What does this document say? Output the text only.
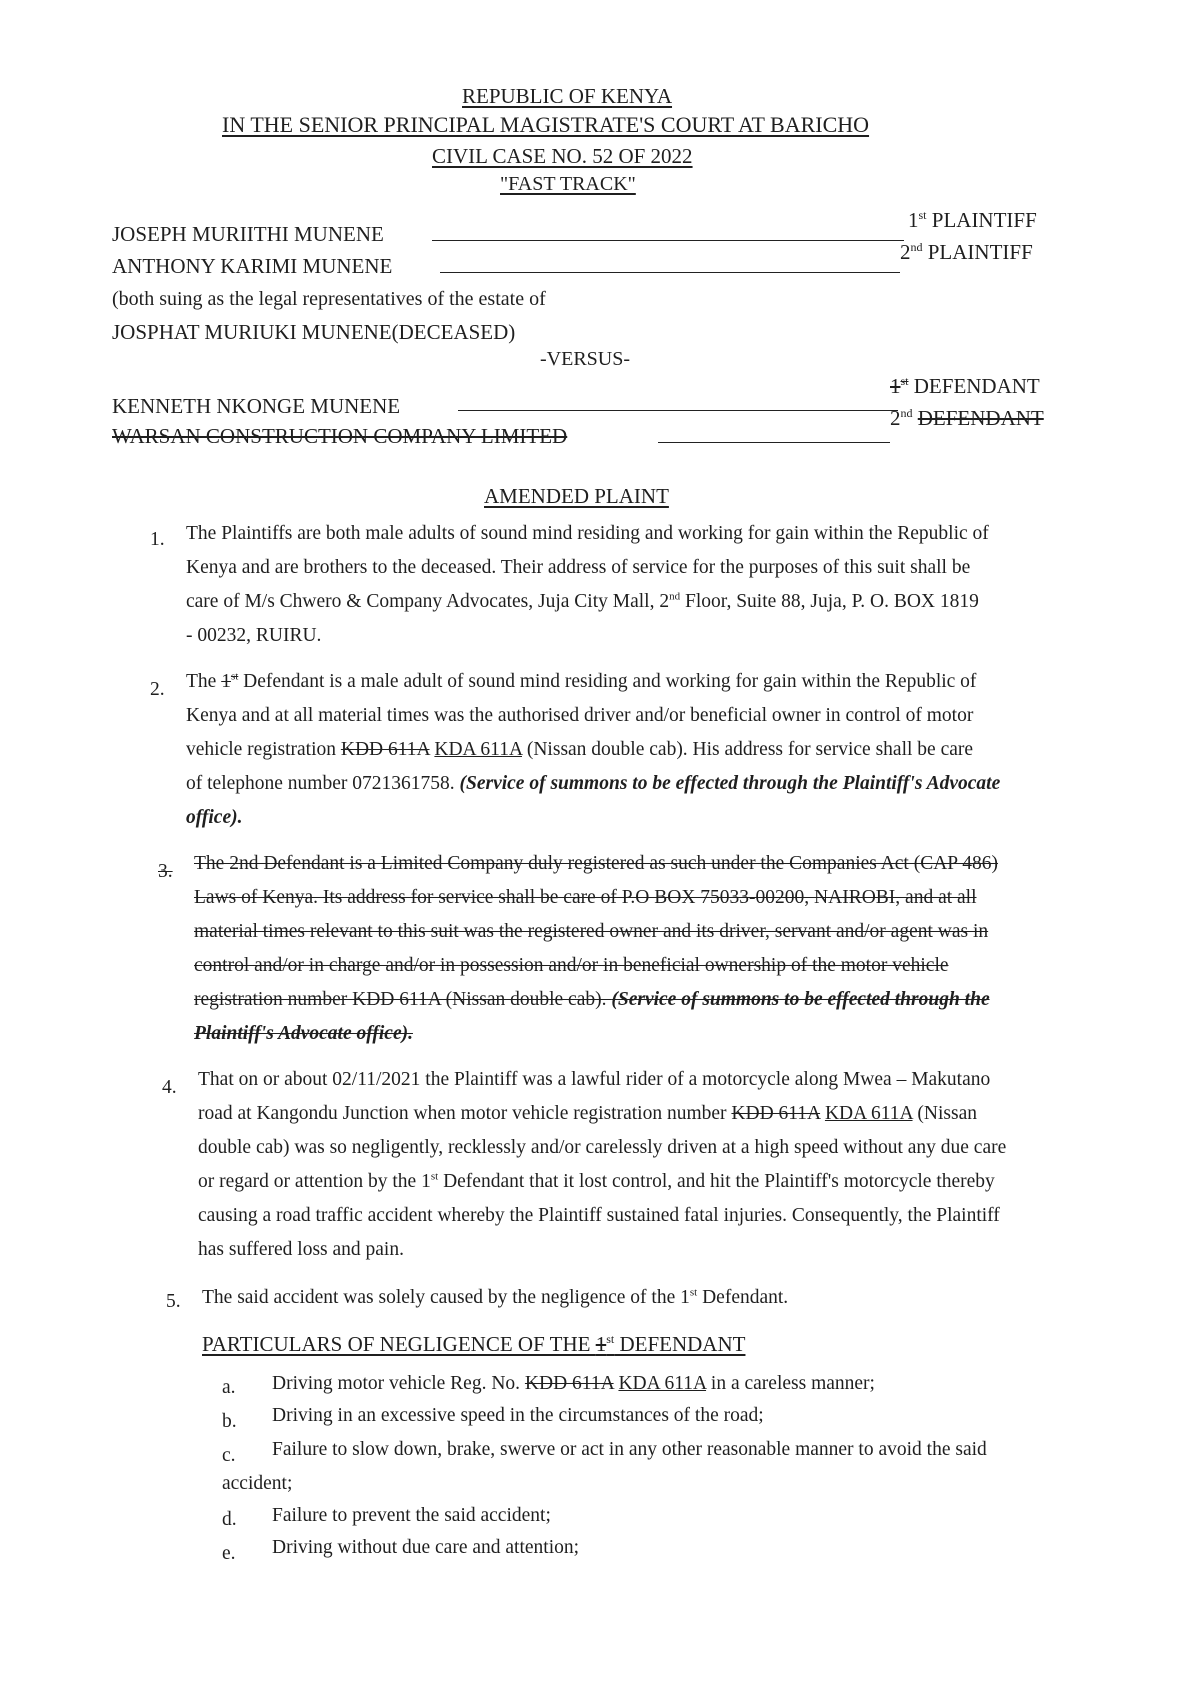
REPUBLIC OF KENYA
IN THE SENIOR PRINCIPAL MAGISTRATE'S COURT AT BARICHO
CIVIL CASE NO. 52 OF 2022
"FAST TRACK"
JOSEPH MURIITHI MUNENE
1st PLAINTIFF
ANTHONY KARIMI MUNENE
2nd PLAINTIFF
(both suing as the legal representatives of the estate of
JOSPHAT MURIUKI MUNENE(DECEASED)
-VERSUS-
KENNETH NKONGE MUNENE
1st DEFENDANT
WARSAN CONSTRUCTION COMPANY LIMITED
2nd DEFENDANT
AMENDED PLAINT
1. The Plaintiffs are both male adults of sound mind residing and working for gain within the Republic of
Kenya and are brothers to the deceased. Their address of service for the purposes of this suit shall be
care of M/s Chwero & Company Advocates, Juja City Mall, 2nd Floor, Suite 88, Juja, P. O. BOX 1819
- 00232, RUIRU.
2. The 1st Defendant is a male adult of sound mind residing and working for gain within the Republic of
Kenya and at all material times was the authorised driver and/or beneficial owner in control of motor
vehicle registration KDD 611A KDA 611A (Nissan double cab). His address for service shall be care
of telephone number 0721361758. (Service of summons to be effected through the Plaintiff's Advocate
office).
3. The 2nd Defendant is a Limited Company duly registered as such under the Companies Act (CAP 486)
Laws of Kenya. Its address for service shall be care of P.O BOX 75033-00200, NAIROBI, and at all
material times relevant to this suit was the registered owner and its driver, servant and/or agent was in
control and/or in charge and/or in possession and/or in beneficial ownership of the motor vehicle
registration number KDD 611A (Nissan double cab). (Service of summons to be effected through the
Plaintiff's Advocate office).
4. That on or about 02/11/2021 the Plaintiff was a lawful rider of a motorcycle along Mwea – Makutano
road at Kangondu Junction when motor vehicle registration number KDD 611A KDA 611A (Nissan
double cab) was so negligently, recklessly and/or carelessly driven at a high speed without any due care
or regard or attention by the 1st Defendant that it lost control, and hit the Plaintiff's motorcycle thereby
causing a road traffic accident whereby the Plaintiff sustained fatal injuries. Consequently, the Plaintiff
has suffered loss and pain.
5. The said accident was solely caused by the negligence of the 1st Defendant.
PARTICULARS OF NEGLIGENCE OF THE 1st DEFENDANT
a. Driving motor vehicle Reg. No. KDD 611A KDA 611A in a careless manner;
b. Driving in an excessive speed in the circumstances of the road;
c. Failure to slow down, brake, swerve or act in any other reasonable manner to avoid the said
accident;
d. Failure to prevent the said accident;
e. Driving without due care and attention;
